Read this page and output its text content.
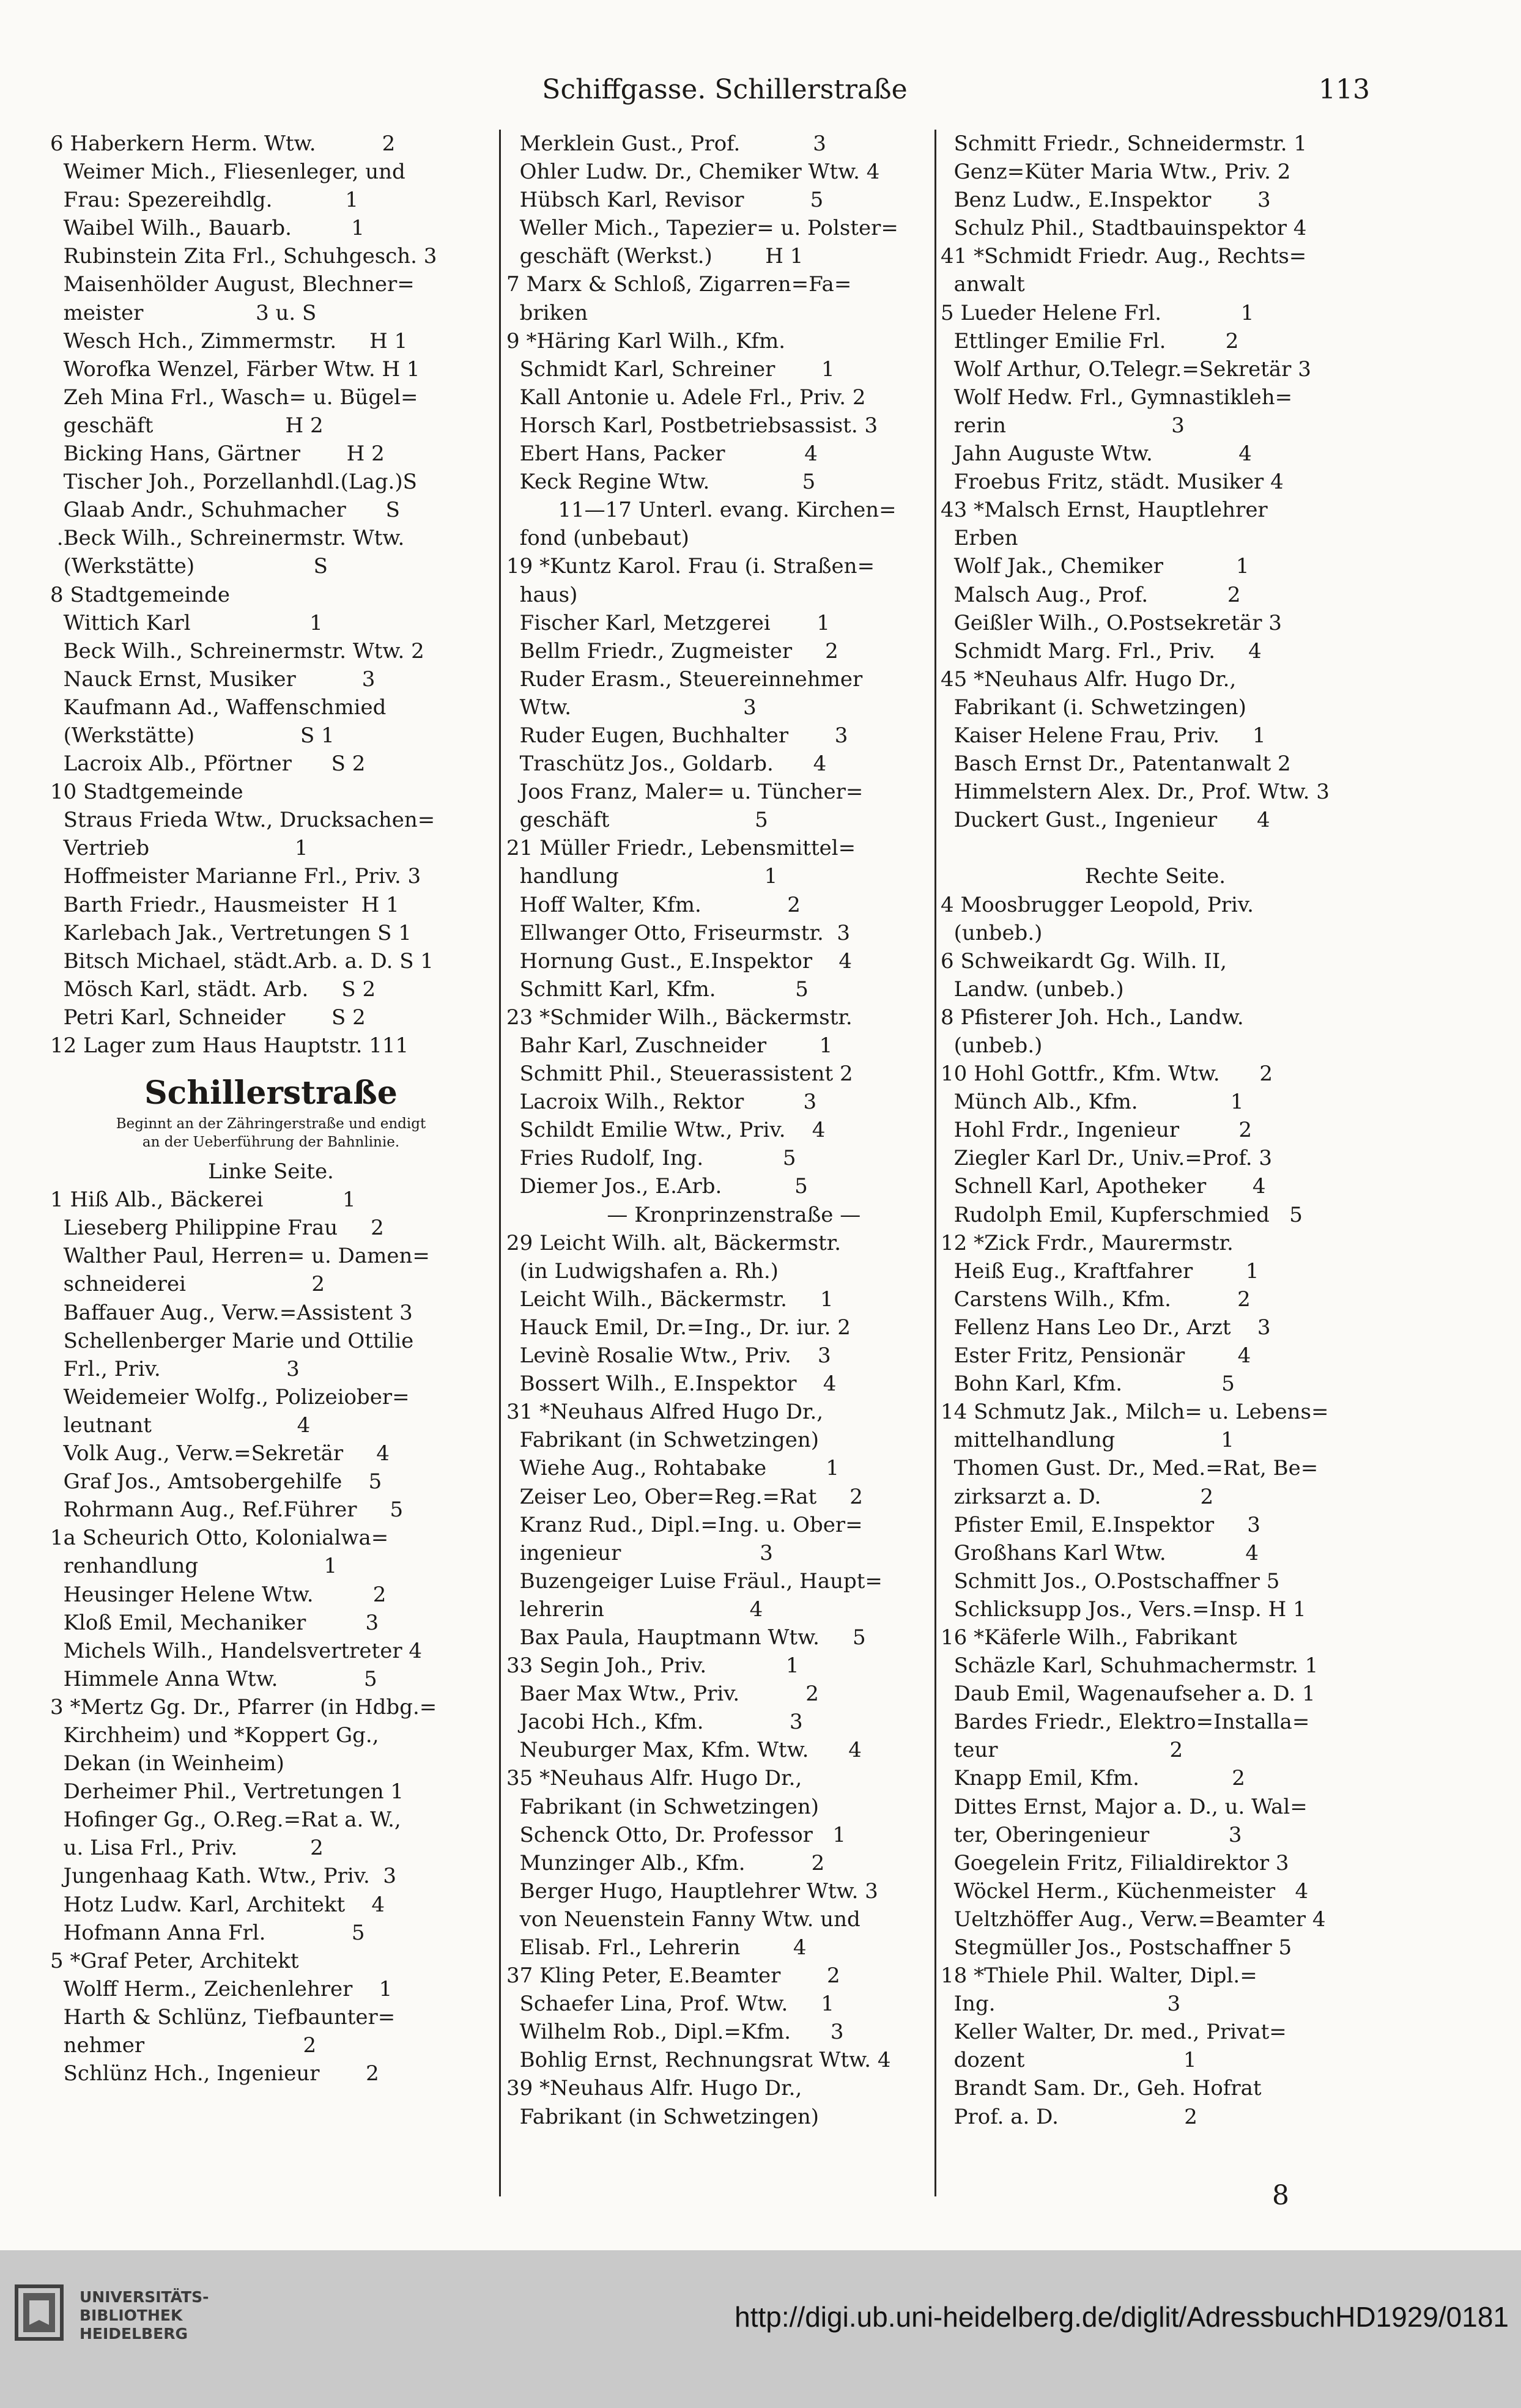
Schiffgasse. Schillerstraße	113
6 Haberkern Herm. Wtw.          2
Weimer Mich., Fliesenleger, und
Frau: Spezereihdlg.           1
Waibel Wilh., Bauarb.         1
Rubinstein Zita Frl., Schuhgesch. 3
Maisenhölder August, Blechner=
meister                 3 u. S
Wesch Hch., Zimmermstr.     H 1
Worofka Wenzel, Färber Wtw. H 1
Zeh Mina Frl., Wasch= u. Bügel=
geschäft                    H 2
Bicking Hans, Gärtner       H 2
Tischer Joh., Porzellanhdl.(Lag.)S
Glaab Andr., Schuhmacher      S
.Beck Wilh., Schreinermstr. Wtw.
(Werkstätte)                  S
8 Stadtgemeinde
Wittich Karl                  1
Beck Wilh., Schreinermstr. Wtw. 2
Nauck Ernst, Musiker          3
Kaufmann Ad., Waffenschmied
(Werkstätte)                S 1
Lacroix Alb., Pförtner      S 2
10 Stadtgemeinde
Straus Frieda Wtw., Drucksachen=
Vertrieb                      1
Hoffmeister Marianne Frl., Priv. 3
Barth Friedr., Hausmeister  H 1
Karlebach Jak., Vertretungen S 1
Bitsch Michael, städt.Arb. a. D. S 1
Mösch Karl, städt. Arb.     S 2
Petri Karl, Schneider       S 2
12 Lager zum Haus Hauptstr. 111
Schillerstraße
Beginnt an der Zähringerstraße und endigt
an der Ueberführung der Bahnlinie.
Linke Seite.
1 Hiß Alb., Bäckerei            1
Lieseberg Philippine Frau     2
Walther Paul, Herren= u. Damen=
schneiderei                   2
Baffauer Aug., Verw.=Assistent 3
Schellenberger Marie und Ottilie
Frl., Priv.                   3
Weidemeier Wolfg., Polizeiober=
leutnant                      4
Volk Aug., Verw.=Sekretär     4
Graf Jos., Amtsobergehilfe    5
Rohrmann Aug., Ref.Führer     5
1a Scheurich Otto, Kolonialwa=
renhandlung                   1
Heusinger Helene Wtw.         2
Kloß Emil, Mechaniker         3
Michels Wilh., Handelsvertreter 4
Himmele Anna Wtw.             5
3 *Mertz Gg. Dr., Pfarrer (in Hdbg.=
Kirchheim) und *Koppert Gg.,
Dekan (in Weinheim)
Derheimer Phil., Vertretungen 1
Hofinger Gg., O.Reg.=Rat a. W.,
u. Lisa Frl., Priv.           2
Jungenhaag Kath. Wtw., Priv.  3
Hotz Ludw. Karl, Architekt    4
Hofmann Anna Frl.             5
5 *Graf Peter, Architekt
Wolff Herm., Zeichenlehrer    1
Harth & Schlünz, Tiefbaunter=
nehmer                        2
Schlünz Hch., Ingenieur       2
Merklein Gust., Prof.           3
Ohler Ludw. Dr., Chemiker Wtw. 4
Hübsch Karl, Revisor          5
Weller Mich., Tapezier= u. Polster=
geschäft (Werkst.)        H 1
7 Marx & Schloß, Zigarren=Fa=
briken
9 *Häring Karl Wilh., Kfm.
Schmidt Karl, Schreiner       1
Kall Antonie u. Adele Frl., Priv. 2
Horsch Karl, Postbetriebsassist. 3
Ebert Hans, Packer            4
Keck Regine Wtw.              5
11—17 Unterl. evang. Kirchen=
fond (unbebaut)
19 *Kuntz Karol. Frau (i. Straßen=
haus)
Fischer Karl, Metzgerei       1
Bellm Friedr., Zugmeister     2
Ruder Erasm., Steuereinnehmer
Wtw.                          3
Ruder Eugen, Buchhalter       3
Traschütz Jos., Goldarb.      4
Joos Franz, Maler= u. Tüncher=
geschäft                      5
21 Müller Friedr., Lebensmittel=
handlung                      1
Hoff Walter, Kfm.             2
Ellwanger Otto, Friseurmstr.  3
Hornung Gust., E.Inspektor    4
Schmitt Karl, Kfm.            5
23 *Schmider Wilh., Bäckermstr.
Bahr Karl, Zuschneider        1
Schmitt Phil., Steuerassistent 2
Lacroix Wilh., Rektor         3
Schildt Emilie Wtw., Priv.    4
Fries Rudolf, Ing.            5
Diemer Jos., E.Arb.           5
— Kronprinzenstraße —
29 Leicht Wilh. alt, Bäckermstr.
(in Ludwigshafen a. Rh.)
Leicht Wilh., Bäckermstr.     1
Hauck Emil, Dr.=Ing., Dr. iur. 2
Levinè Rosalie Wtw., Priv.    3
Bossert Wilh., E.Inspektor    4
31 *Neuhaus Alfred Hugo Dr.,
Fabrikant (in Schwetzingen)
Wiehe Aug., Rohtabake         1
Zeiser Leo, Ober=Reg.=Rat     2
Kranz Rud., Dipl.=Ing. u. Ober=
ingenieur                     3
Buzengeiger Luise Fräul., Haupt=
lehrerin                      4
Bax Paula, Hauptmann Wtw.     5
33 Segin Joh., Priv.            1
Baer Max Wtw., Priv.          2
Jacobi Hch., Kfm.             3
Neuburger Max, Kfm. Wtw.      4
35 *Neuhaus Alfr. Hugo Dr.,
Fabrikant (in Schwetzingen)
Schenck Otto, Dr. Professor   1
Munzinger Alb., Kfm.          2
Berger Hugo, Hauptlehrer Wtw. 3
von Neuenstein Fanny Wtw. und
Elisab. Frl., Lehrerin        4
37 Kling Peter, E.Beamter       2
Schaefer Lina, Prof. Wtw.     1
Wilhelm Rob., Dipl.=Kfm.      3
Bohlig Ernst, Rechnungsrat Wtw. 4
39 *Neuhaus Alfr. Hugo Dr.,
Fabrikant (in Schwetzingen)
Schmitt Friedr., Schneidermstr. 1
Genz=Küter Maria Wtw., Priv. 2
Benz Ludw., E.Inspektor       3
Schulz Phil., Stadtbauinspektor 4
41 *Schmidt Friedr. Aug., Rechts=
anwalt
5 Lueder Helene Frl.            1
Ettlinger Emilie Frl.         2
Wolf Arthur, O.Telegr.=Sekretär 3
Wolf Hedw. Frl., Gymnastikleh=
rerin                         3
Jahn Auguste Wtw.             4
Froebus Fritz, städt. Musiker 4
43 *Malsch Ernst, Hauptlehrer
Erben
Wolf Jak., Chemiker           1
Malsch Aug., Prof.            2
Geißler Wilh., O.Postsekretär 3
Schmidt Marg. Frl., Priv.     4
45 *Neuhaus Alfr. Hugo Dr.,
Fabrikant (i. Schwetzingen)
Kaiser Helene Frau, Priv.     1
Basch Ernst Dr., Patentanwalt 2
Himmelstern Alex. Dr., Prof. Wtw. 3
Duckert Gust., Ingenieur      4
Rechte Seite.
4 Moosbrugger Leopold, Priv.
(unbeb.)
6 Schweikardt Gg. Wilh. II,
Landw. (unbeb.)
8 Pfisterer Joh. Hch., Landw.
(unbeb.)
10 Hohl Gottfr., Kfm. Wtw.      2
Münch Alb., Kfm.              1
Hohl Frdr., Ingenieur         2
Ziegler Karl Dr., Univ.=Prof. 3
Schnell Karl, Apotheker       4
Rudolph Emil, Kupferschmied   5
12 *Zick Frdr., Maurermstr.
Heiß Eug., Kraftfahrer        1
Carstens Wilh., Kfm.          2
Fellenz Hans Leo Dr., Arzt    3
Ester Fritz, Pensionär        4
Bohn Karl, Kfm.               5
14 Schmutz Jak., Milch= u. Lebens=
mittelhandlung                1
Thomen Gust. Dr., Med.=Rat, Be=
zirksarzt a. D.               2
Pfister Emil, E.Inspektor     3
Großhans Karl Wtw.            4
Schmitt Jos., O.Postschaffner 5
Schlicksupp Jos., Vers.=Insp. H 1
16 *Käferle Wilh., Fabrikant
Schäzle Karl, Schuhmachermstr. 1
Daub Emil, Wagenaufseher a. D. 1
Bardes Friedr., Elektro=Installa=
teur                          2
Knapp Emil, Kfm.              2
Dittes Ernst, Major a. D., u. Wal=
ter, Oberingenieur            3
Goegelein Fritz, Filialdirektor 3
Wöckel Herm., Küchenmeister   4
Ueltzhöffer Aug., Verw.=Beamter 4
Stegmüller Jos., Postschaffner 5
18 *Thiele Phil. Walter, Dipl.=
Ing.                          3
Keller Walter, Dr. med., Privat=
dozent                        1
Brandt Sam. Dr., Geh. Hofrat
Prof. a. D.                   2
8
UNIVERSITÄTS-
BIBLIOTHEK
HEIDELBERG
http://digi.ub.uni-heidelberg.de/diglit/AdressbuchHD1929/0181
